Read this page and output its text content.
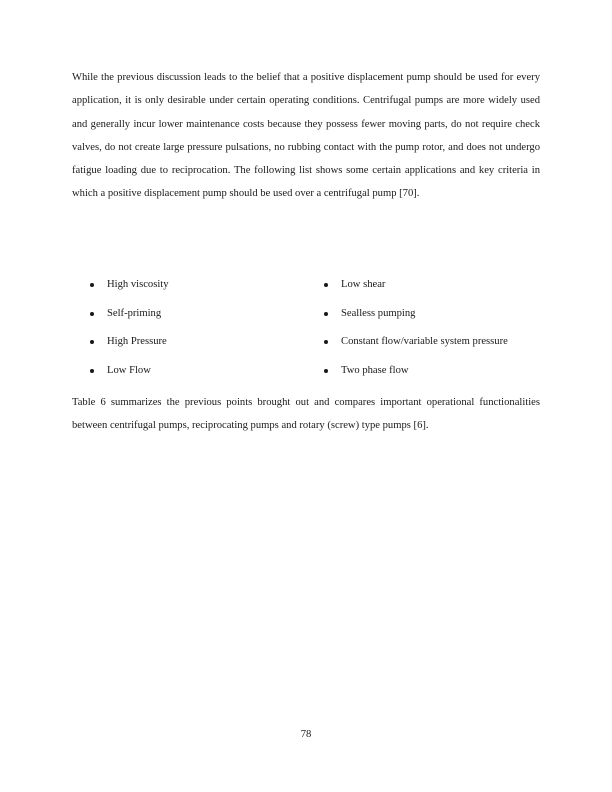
While the previous discussion leads to the belief that a positive displacement pump should be used for every application, it is only desirable under certain operating conditions. Centrifugal pumps are more widely used and generally incur lower maintenance costs because they possess fewer moving parts, do not require check valves, do not create large pressure pulsations, no rubbing contact with the pump rotor, and does not undergo fatigue loading due to reciprocation. The following list shows some certain applications and key criteria in which a positive displacement pump should be used over a centrifugal pump [70].

High viscosity	Low shear
Self-priming	Sealless pumping
High Pressure	Constant flow/variable system pressure
Low Flow	Two phase flow

Table 6 summarizes the previous points brought out and compares important operational functionalities between centrifugal pumps, reciprocating pumps and rotary (screw) type pumps [6].

78
